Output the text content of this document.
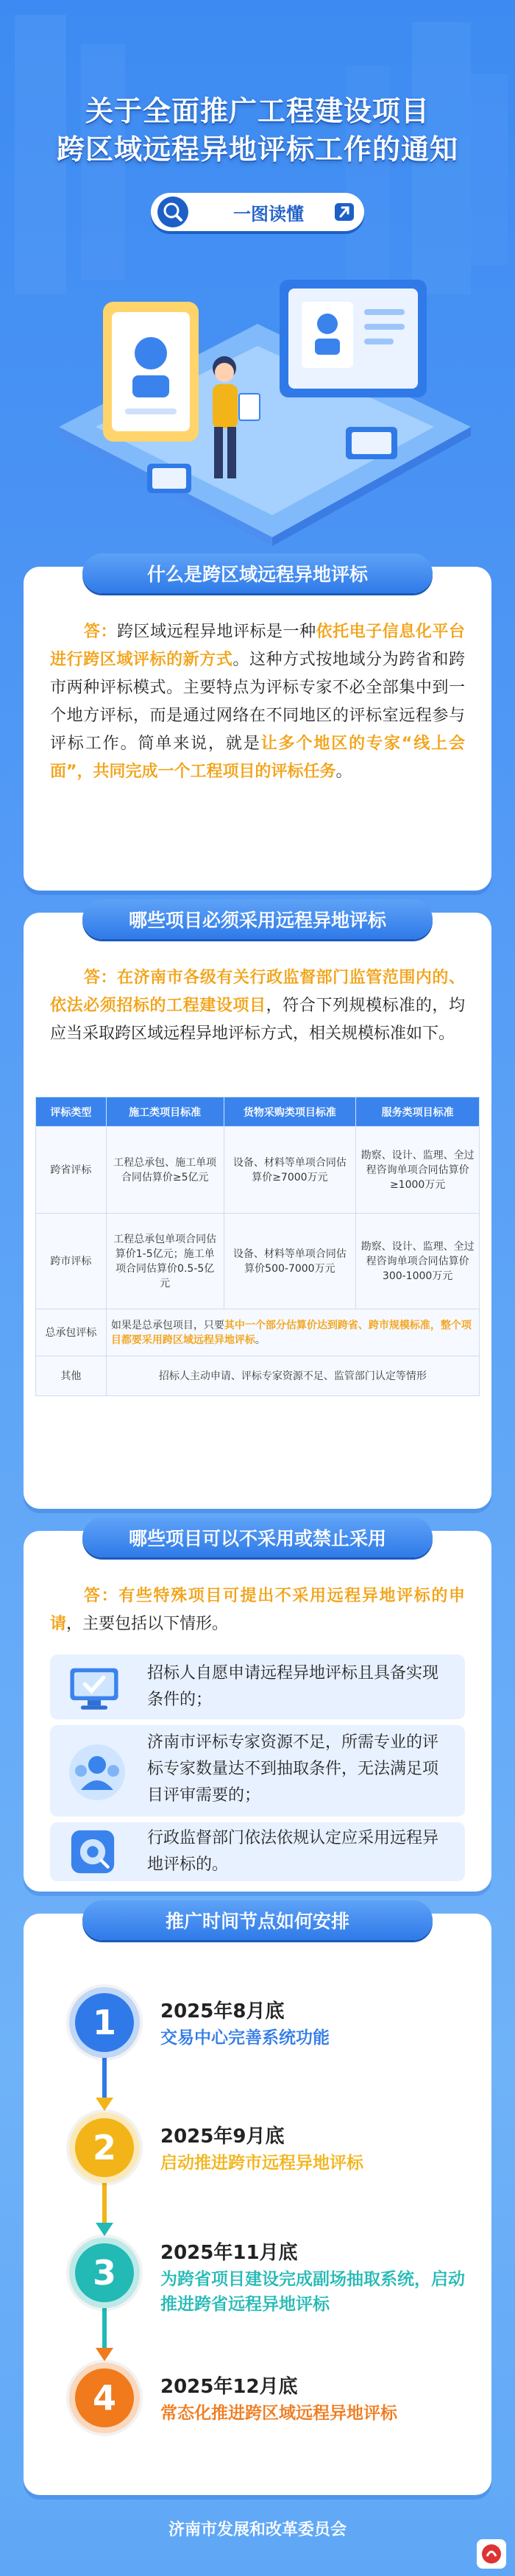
关于全面推广工程建设项目
跨区域远程异地评标工作的通知
一图读懂
什么是跨区域远程异地评标
答：跨区域远程异地评标是一种依托电子信息化平台进行跨区域评标的新方式。这种方式按地域分为跨省和跨市两种评标模式。主要特点为评标专家不必全部集中到一个地方评标，而是通过网络在不同地区的评标室远程参与评标工作。简单来说，就是让多个地区的专家“线上会面”，共同完成一个工程项目的评标任务。
哪些项目必须采用远程异地评标
答：在济南市各级有关行政监督部门监管范围内的、依法必须招标的工程建设项目，符合下列规模标准的，均应当采取跨区域远程异地评标方式，相关规模标准如下。
评标类型	施工类项目标准	货物采购类项目标准	服务类项目标准
跨省评标	工程总承包、施工单项合同估算价≥5亿元	设备、材料等单项合同估算价≥7000万元	勘察、设计、监理、全过程咨询单项合同估算价≥1000万元
跨市评标	工程总承包单项合同估算价1-5亿元；施工单项合同估算价0.5-5亿元	设备、材料等单项合同估算价500-7000万元	勘察、设计、监理、全过程咨询单项合同估算价300-1000万元
总承包评标	如果是总承包项目，只要其中一个部分估算价达到跨省、跨市规模标准，整个项目都要采用跨区域远程异地评标。		
其他	招标人主动申请、评标专家资源不足、监管部门认定等情形		
哪些项目可以不采用或禁止采用
答：有些特殊项目可提出不采用远程异地评标的申请，主要包括以下情形。
招标人自愿申请远程异地评标且具备实现条件的；
济南市评标专家资源不足，所需专业的评标专家数量达不到抽取条件，无法满足项目评审需要的；
行政监督部门依法依规认定应采用远程异地评标的。
推广时间节点如何安排
1	2025年8月底
交易中心完善系统功能
2	2025年9月底
启动推进跨市远程异地评标
3	2025年11月底
为跨省项目建设完成副场抽取系统，启动推进跨省远程异地评标
4	2025年12月底
常态化推进跨区域远程异地评标
济南市发展和改革委员会
